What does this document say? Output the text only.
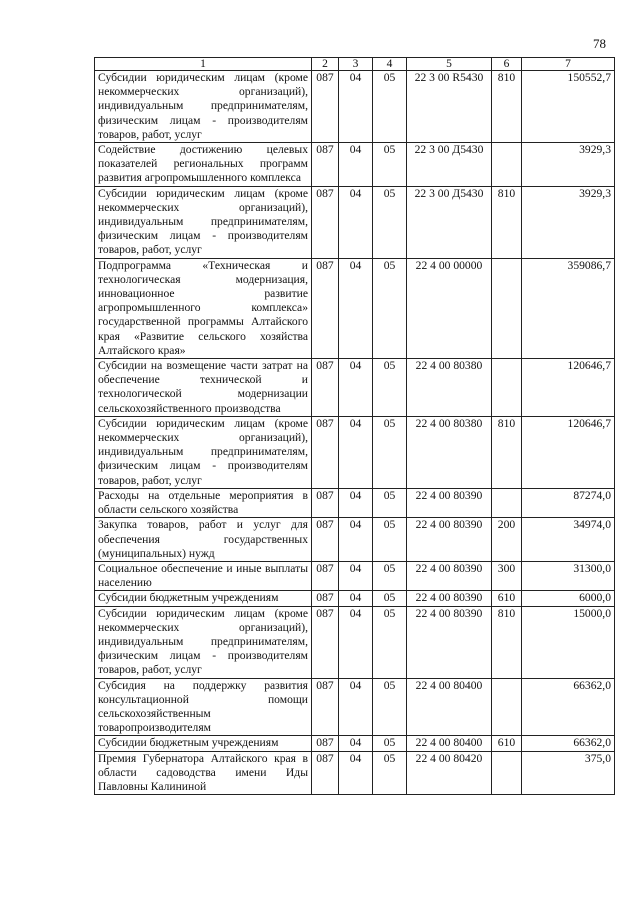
78
1	2	3	4	5	6	7
Субсидии юридическим лицам (кроме некоммерческих организаций), индивидуальным предпринимателям, физическим лицам - производителям товаров, работ, услуг	087	04	05	22 3 00 R5430	810	150552,7
Содействие достижению целевых показателей региональных программ развития агропромышленного комплекса	087	04	05	22 3 00 Д5430		3929,3
Субсидии юридическим лицам (кроме некоммерческих организаций), индивидуальным предпринимателям, физическим лицам - производителям товаров, работ, услуг	087	04	05	22 3 00 Д5430	810	3929,3
Подпрограмма «Техническая и технологическая модернизация, инновационное развитие агропромышленного комплекса» государственной программы Алтайского края «Развитие сельского хозяйства Алтайского края»	087	04	05	22 4 00 00000		359086,7
Субсидии на возмещение части затрат на обеспечение технической и технологической модернизации сельскохозяйственного производства	087	04	05	22 4 00 80380		120646,7
Субсидии юридическим лицам (кроме некоммерческих организаций), индивидуальным предпринимателям, физическим лицам - производителям товаров, работ, услуг	087	04	05	22 4 00 80380	810	120646,7
Расходы на отдельные мероприятия в области сельского хозяйства	087	04	05	22 4 00 80390		87274,0
Закупка товаров, работ и услуг для обеспечения государственных (муниципальных) нужд	087	04	05	22 4 00 80390	200	34974,0
Социальное обеспечение и иные выплаты населению	087	04	05	22 4 00 80390	300	31300,0
Субсидии бюджетным учреждениям	087	04	05	22 4 00 80390	610	6000,0
Субсидии юридическим лицам (кроме некоммерческих организаций), индивидуальным предпринимателям, физическим лицам - производителям товаров, работ, услуг	087	04	05	22 4 00 80390	810	15000,0
Субсидия на поддержку развития консультационной помощи сельскохозяйственным товаропроизводителям	087	04	05	22 4 00 80400		66362,0
Субсидии бюджетным учреждениям	087	04	05	22 4 00 80400	610	66362,0
Премия Губернатора Алтайского края в области садоводства имени Иды Павловны Калининой	087	04	05	22 4 00 80420		375,0
